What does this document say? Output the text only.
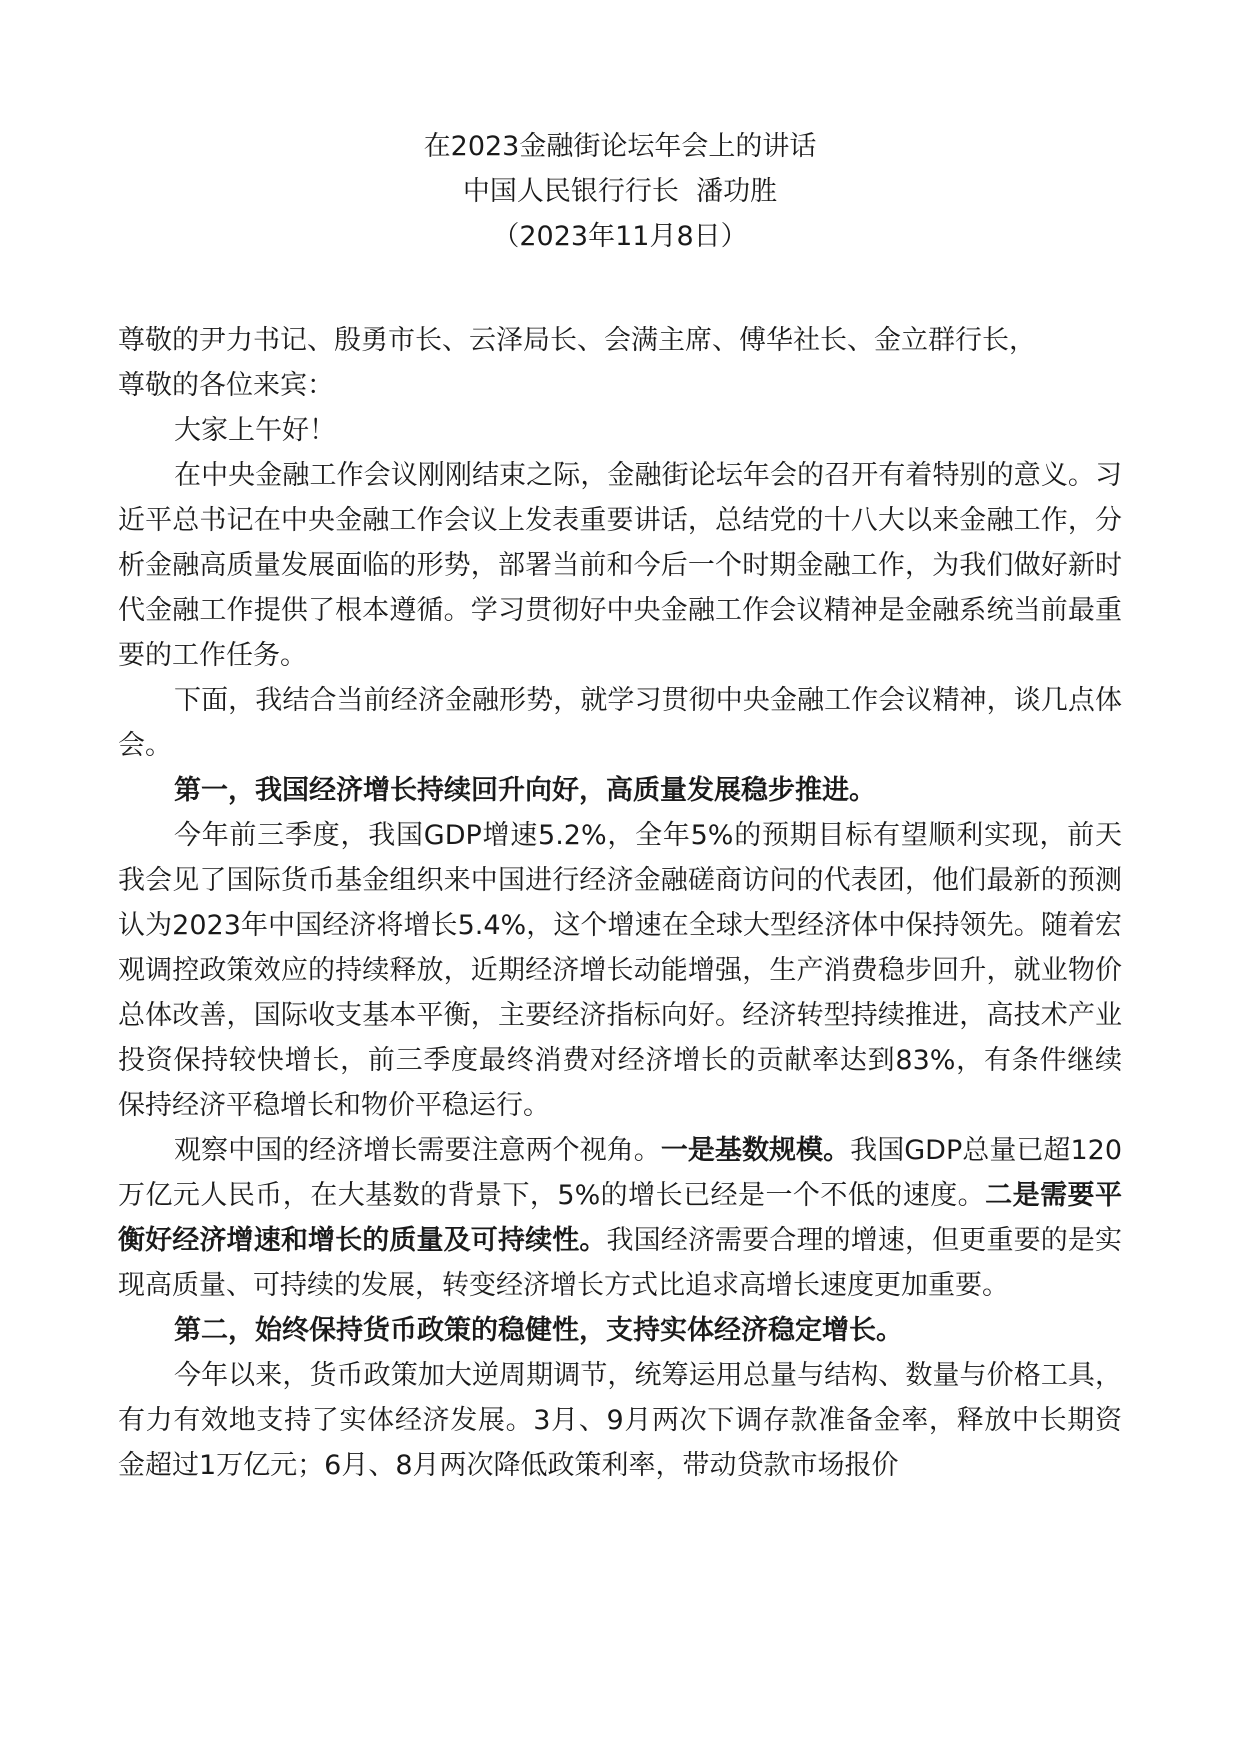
在2023金融街论坛年会上的讲话
中国人民银行行长  潘功胜
（2023年11月8日）
尊敬的尹力书记、殷勇市长、云泽局长、会满主席、傅华社长、金立群行长，
尊敬的各位来宾：

大家上午好！

在中央金融工作会议刚刚结束之际，金融街论坛年会的召开有着特别的意义。习近平总书记在中央金融工作会议上发表重要讲话，总结党的十八大以来金融工作，分析金融高质量发展面临的形势，部署当前和今后一个时期金融工作，为我们做好新时代金融工作提供了根本遵循。学习贯彻好中央金融工作会议精神是金融系统当前最重要的工作任务。

下面，我结合当前经济金融形势，就学习贯彻中央金融工作会议精神，谈几点体会。

第一，我国经济增长持续回升向好，高质量发展稳步推进。

今年前三季度，我国GDP增速5.2%，全年5%的预期目标有望顺利实现，前天我会见了国际货币基金组织来中国进行经济金融磋商访问的代表团，他们最新的预测认为2023年中国经济将增长5.4%，这个增速在全球大型经济体中保持领先。随着宏观调控政策效应的持续释放，近期经济增长动能增强，生产消费稳步回升，就业物价总体改善，国际收支基本平衡，主要经济指标向好。经济转型持续推进，高技术产业投资保持较快增长，前三季度最终消费对经济增长的贡献率达到83%，有条件继续保持经济平稳增长和物价平稳运行。

观察中国的经济增长需要注意两个视角。一是基数规模。我国GDP总量已超120万亿元人民币，在大基数的背景下，5%的增长已经是一个不低的速度。二是需要平衡好经济增速和增长的质量及可持续性。我国经济需要合理的增速，但更重要的是实现高质量、可持续的发展，转变经济增长方式比追求高增长速度更加重要。

第二，始终保持货币政策的稳健性，支持实体经济稳定增长。

今年以来，货币政策加大逆周期调节，统筹运用总量与结构、数量与价格工具，有力有效地支持了实体经济发展。3月、9月两次下调存款准备金率，释放中长期资金超过1万亿元；6月、8月两次降低政策利率，带动贷款市场报价
